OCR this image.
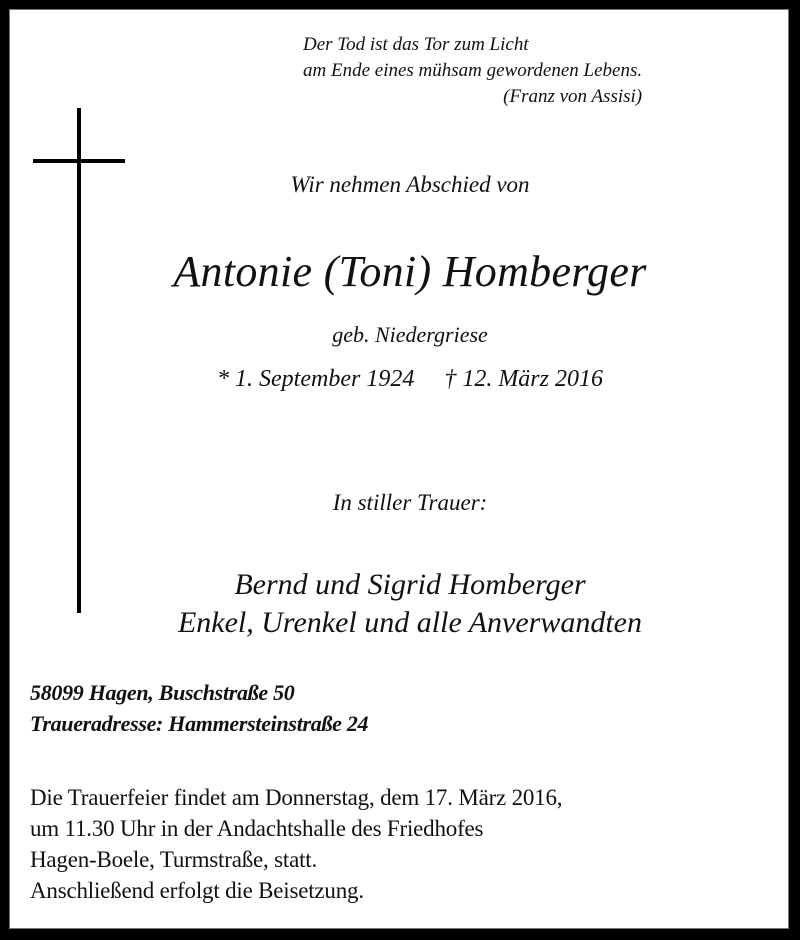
Der Tod ist das Tor zum Licht
am Ende eines mühsam gewordenen Lebens.
(Franz von Assisi)
Wir nehmen Abschied von
Antonie (Toni) Homberger
geb. Niedergriese
* 1. September 1924 † 12. März 2016
In stiller Trauer:
Bernd und Sigrid Homberger
Enkel, Urenkel und alle Anverwandten
58099 Hagen, Buschstraße 50
Traueradresse: Hammersteinstraße 24
Die Trauerfeier findet am Donnerstag, dem 17. März 2016,
um 11.30 Uhr in der Andachtshalle des Friedhofes
Hagen-Boele, Turmstraße, statt.
Anschließend erfolgt die Beisetzung.
